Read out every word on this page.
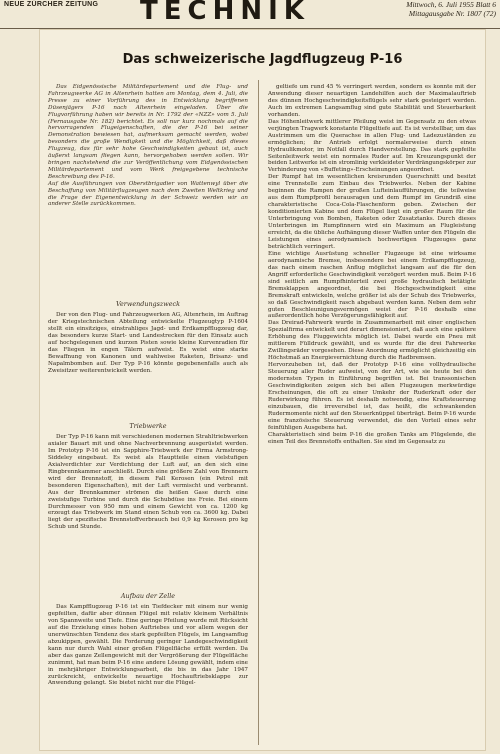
NEUE ZÜRCHER ZEITUNG TECHNIK	Mittwoch, 6. Juli 1955 Blatt 6
Mittagausgabe Nr. 1807 (72)
Das schweizerische Jagdflugzeug P-16

Das Eidgenössische Militärdepartement und die Flug- und Fahrzeugwerke AG in Altenrhein hatten am Montag, dem 4. Juli, die Presse zu einer Vorführung des in Entwicklung begriffenen Düsenjägers P-16 nach Altenrhein eingeladen. Über die Flugvorführung haben wir bereits in Nr. 1792 der «NZZ» vom 5. Juli (Fernausgabe Nr. 182) berichtet. Es soll nur kurz nochmals auf die hervorragenden Flugeigenschaften, die der P-16 bei seiner Demonstration bewiesen hat, aufmerksam gemacht werden, wobei besonders die große Wendigkeit und die Möglichkeit, daß dieses Flugzeug, das für sehr hohe Geschwindigkeiten gebaut ist, auch äußerst langsam fliegen kann, hervorgehoben werden sollen. Wir bringen nachstehend die zur Veröffentlichung vom Eidgenössischen Militärdepartement und vom Werk freigegebene technische Beschreibung des P-16.
Auf die Ausführungen von Oberstbrigadier von Wattenwyl über die Beschaffung von Militärflugzeugen nach dem Zweiten Weltkrieg und die Frage der Eigenentwicklung in der Schweiz werden wir an anderer Stelle zurückkommen.

Verwendungszweck

Der von den Flug- und Fahrzeugwerken AG, Altenrhein, im Auftrag der Kriegstechnischen Abteilung entwickelte Flugzeugtyp P-1604 stellt ein einsitziges, einstrahliges Jagd- und Erdkampfflugzeug dar, das besonders kurze Start- und Landestrecken für den Einsatz auch auf hochgelegenen und kurzen Pisten sowie kleine Kurvenradien für das Fliegen in engen Tälern aufweist. Es weist eine starke Bewaffnung von Kanonen und wahlweise Raketen, Brisanz- und Napalmbomben auf. Der Typ P-16 könnte gegebenenfalls auch als Zweisitzer weiterentwickelt werden.

Triebwerke

Der Typ P-16 kann mit verschiedenen modernen Strahltriebwerken axialer Bauart mit und ohne Nachverbrennung ausgerüstet werden. Im Prototyp P-16 ist ein Sapphire-Triebwerk der Firma Armstrong-Siddeley eingebaut. Es weist als Hauptteile einen vielstufigen Axialverdichter zur Verdichtung der Luft auf, an den sich eine Ringbrennkammer anschließt. Durch eine größere Zahl von Brennern wird der Brennstoff, in diesem Fall Kerosen (ein Petrol mit besonderen Eigenschaften), mit der Luft vermischt und verbrannt. Aus der Brennkammer strömen die heißen Gase durch eine zweistufige Turbine und durch die Schubdüse ins Freie. Bei einem Durchmesser von 950 mm und einem Gewicht von ca. 1200 kg erzeugt das Triebwerk im Stand einen Schub von ca. 3600 kg. Dabei liegt der spezifische Brennstoffverbrauch bei 0,9 kg Kerosen pro kg Schub und Stunde.

Aufbau der Zelle

Das Kampfflugzeug P-16 ist ein Tiefdecker mit einem nur wenig gepfeilten, dafür aber dünnen Flügel mit relativ kleinem Verhältnis von Spannweite und Tiefe. Eine geringe Pfeilung wurde mit Rücksicht auf die Erzielung eines hohen Auftriebes und vor allem wegen der unerwünschten Tendenz des stark gepfeilten Flügels, im Langsamflug abzukippen, gewählt. Die Forderung geringer Landegeschwindigkeit kann nur durch Wahl einer großen Flügelfläche erfüllt werden. Da aber das ganze Zellengewicht mit der Vergrößerung der Flügelfläche zunimmt, hat man beim P-16 eine andere Lösung gewählt, indem eine in mehrjähriger Entwicklungsarbeit, die bis in das Jahr 1947 zurückreicht, entwickelte neuartige Hochauftriebsklappe zur Anwendung gelangt. Sie bietet nicht nur die Flügel-

geltiefe um rund 45 % verringert werden, sondern es konnte mit der Anwendung dieser neuartigen Landehilfen auch der Maximalauftrieb des dünnen Hochgeschwindigkeitsflügels sehr stark gesteigert werden. Auch im extremen Langsamflug sind gute Stabilität und Steuerbarkeit vorhanden.
Das Höhenleitwerk mittlerer Pfeilung weist im Gegensatz zu den etwas verjüngten Tragwerk konstante Flügeltiefe auf. Es ist verstellbar, um das Austrimmen um die Querachse in allen Flug- und Ladezuständen zu ermöglichen; ihr Antrieb erfolgt normalerweise durch einen Hydraulikmotor, im Notfall durch Handverstellung. Das stark gepfeilte Seitenleitwerk weist ein normales Ruder auf. Im Kreuzungspunkt der beiden Leitwerke ist ein stromlinig verkleideter Verdrängungskörper zur Verhinderung von «Buffeting»-Erscheinungen angeordnet.
Der Rumpf hat im wesentlichen kreisrunden Querschnitt und besitzt eine Trennstelle zum Einbau des Triebwerks. Neben der Kabine beginnen die Rampen der großen Lufteinlaufführungen, die teilweise aus dem Rumpfprofil herausragen und dem Rumpf im Grundriß eine charakteristische Coca-Cola-Flaschenform geben. Zwischen der konditionierten Kabine und dem Flügel liegt ein großer Raum für die Unterbringung von Bomben, Raketen oder Zusatztanks. Durch dieses Unterbringen im Rumpfinnern wird ein Maximum an Flugleistung erreicht, da die übliche Aufhängung dieser Waffen unter den Flügeln die Leistungen eines aerodynamisch hochwertigen Flugzeuges ganz beträchtlich verringert.
Eine wichtige Ausrüstung schneller Flugzeuge ist eine wirksame aerodynamische Bremse, insbesondere bei einem Erdkampfflugzeug, das nach einem raschen Anflug möglichst langsam auf die für den Angriff erforderliche Geschwindigkeit verzögert werden muß. Beim P-16 sind seitlich am Rumpfhinterteil zwei große hydraulisch betätigte Bremsklappen angeordnet, die bei Hochgeschwindigkeit eine Bremskraft entwickeln, welche größer ist als der Schub des Triebwerks, so daß Geschwindigkeit rasch abgebaut werden kann. Neben dem sehr guten Beschleunigungsvermögen weist der P-16 deshalb eine außerordentlich hohe Verzögerungsfähigkeit auf.
Das Dreirad-Fahrwerk wurde in Zusammenarbeit mit einer englischen Spezialfirma entwickelt und derart dimensioniert, daß auch eine spätere Erhöhung des Fluggewichts möglich ist. Dabei wurde ein Pneu mit mittlerem Fülldruck gewählt, und es wurde für die drei Fahrwerke Zwillingsräder vorgesehen. Diese Anordnung ermöglicht gleichzeitig ein Höchstmaß an Energievernichtung durch die Radbremsen.
Hervorzuheben ist, daß der Prototyp P-16 eine vollhydraulische Steuerung aller Ruder aufweist, von der Art, wie sie heute bei den modernsten Typen in Einführung begriffen ist. Bei transsonischen Geschwindigkeiten zeigen sich bei allen Flugzeugen merkwürdige Erscheinungen, die oft zu einer Umkehr der Ruderkraft oder der Ruderwirkung führen. Es ist deshalb notwendig, eine Kraftsteuerung einzubauen, die irreversibel ist, das heißt, die schwankenden Rudermomente nicht auf den Steuerknüppel überträgt. Beim P-16 wurde eine französische Steuerung verwendet, die den Vorteil eines sehr feinfühligen Ausgebens hat.
Charakteristisch sind beim P-16 die großen Tanks am Flügelende, die einen Teil des Brennstoffs enthalten. Sie sind im Gegensatz zu
